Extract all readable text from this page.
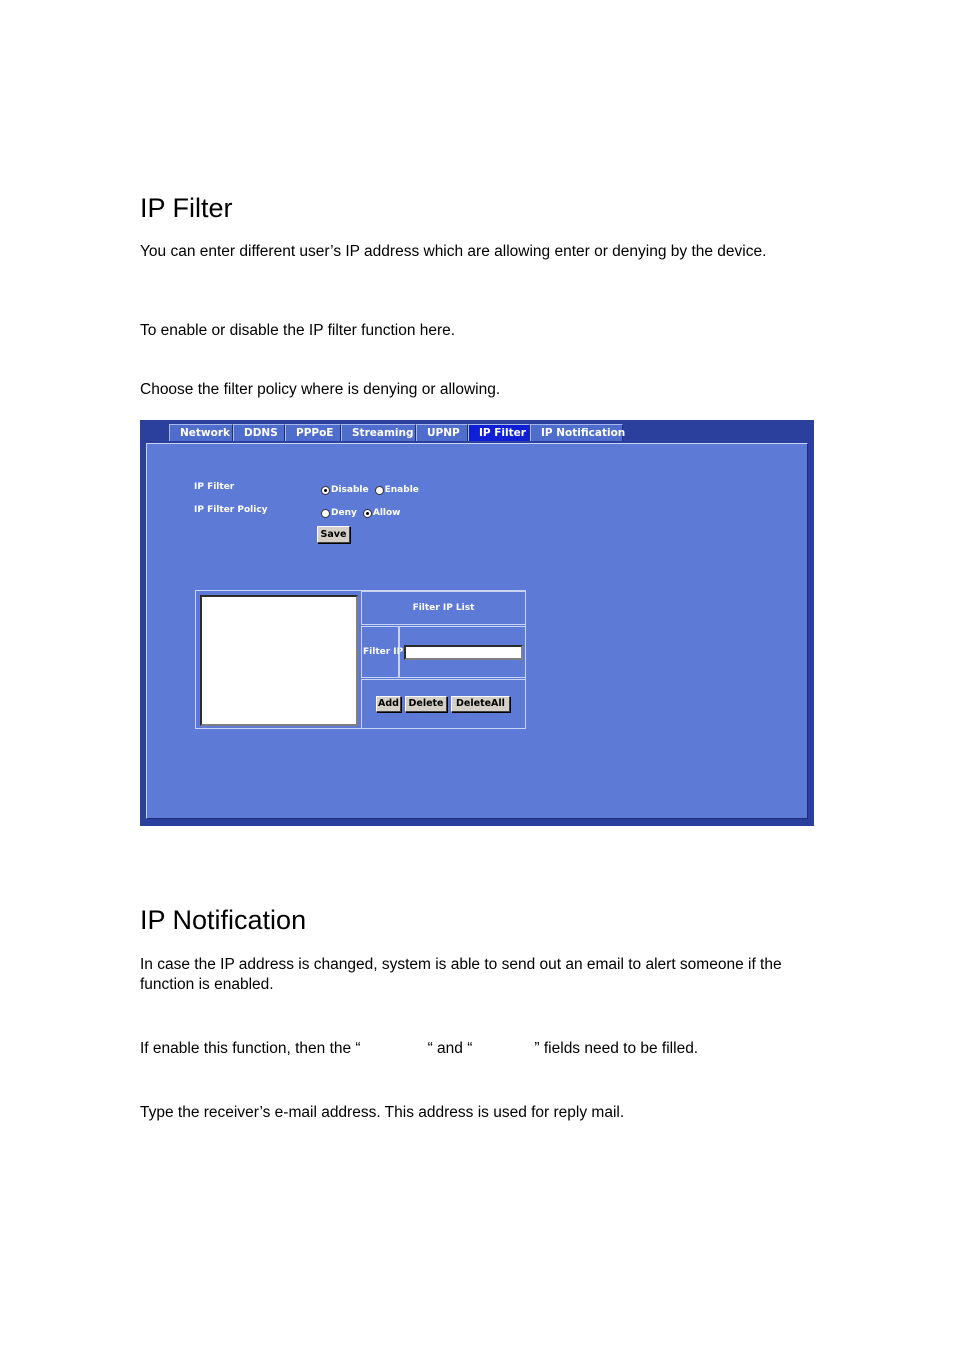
IP Filter

You can enter different user’s IP address which are allowing enter or denying by the device.

To enable or disable the IP filter function here.

Choose the filter policy where is denying or allowing.

Network	DDNS	PPPoE	Streaming	UPNP	IP Filter	IP Notification
IP Filter	Disable Enable
IP Filter Policy	Deny Allow
Save
Filter IP List
Filter IP
Add	Delete	DeleteAll
IP Notification

In case the IP address is changed, system is able to send out an email to alert someone if the function is enabled.

If enable this function, then the “	“ and “	” fields need to be filled.

Type the receiver’s e-mail address. This address is used for reply mail.
